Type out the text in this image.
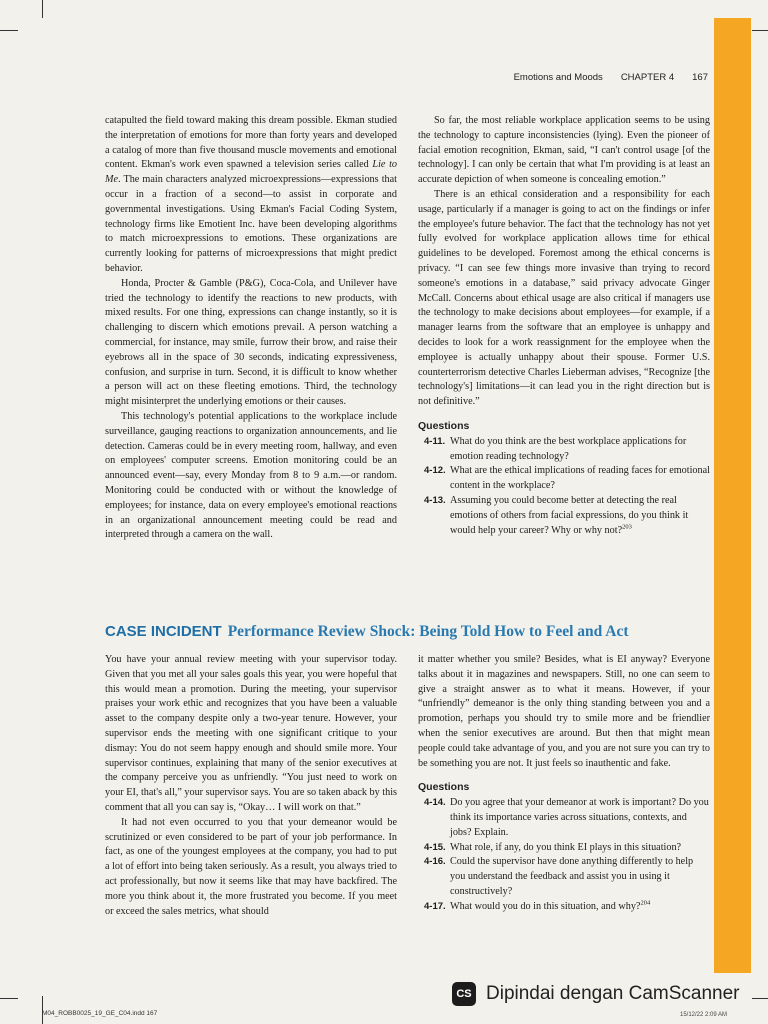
Emotions and Moods CHAPTER 4 167

catapulted the field toward making this dream possible. Ekman studied the interpretation of emotions for more than forty years and developed a catalog of more than five thousand muscle movements and emotional content. Ekman's work even spawned a television series called Lie to Me. The main characters analyzed microexpressions—expressions that occur in a fraction of a second—to assist in corporate and governmental investigations. Using Ekman's Facial Coding System, technology firms like Emotient Inc. have been developing algorithms to match microexpressions to emotions. These organizations are currently looking for patterns of microexpressions that might predict behavior.

Honda, Procter & Gamble (P&G), Coca-Cola, and Unilever have tried the technology to identify the reactions to new products, with mixed results. For one thing, expressions can change instantly, so it is challenging to discern which emotions prevail. A person watching a commercial, for instance, may smile, furrow their brow, and raise their eyebrows all in the space of 30 seconds, indicating expressiveness, confusion, and surprise in turn. Second, it is difficult to know whether a person will act on these fleeting emotions. Third, the technology might misinterpret the underlying emotions or their causes.

This technology's potential applications to the workplace include surveillance, gauging reactions to organization announcements, and lie detection. Cameras could be in every meeting room, hallway, and even on employees' computer screens. Emotion monitoring could be an announced event—say, every Monday from 8 to 9 a.m.—or random. Monitoring could be conducted with or without the knowledge of employees; for instance, data on every employee's emotional reactions in an organizational announcement meeting could be read and interpreted through a camera on the wall.

So far, the most reliable workplace application seems to be using the technology to capture inconsistencies (lying). Even the pioneer of facial emotion recognition, Ekman, said, “I can't control usage [of the technology]. I can only be certain that what I'm providing is at least an accurate depiction of when someone is concealing emotion.”

There is an ethical consideration and a responsibility for each usage, particularly if a manager is going to act on the findings or infer the employee's future behavior. The fact that the technology has not yet fully evolved for workplace application allows time for ethical guidelines to be developed. Foremost among the ethical concerns is privacy. “I can see few things more invasive than trying to record someone's emotions in a database,” said privacy advocate Ginger McCall. Concerns about ethical usage are also critical if managers use the technology to make decisions about employees—for example, if a manager learns from the software that an employee is unhappy and decides to look for a work reassignment for the employee when the employee is actually unhappy about their spouse. Former U.S. counterterrorism detective Charles Lieberman advises, “Recognize [the technology's] limitations—it can lead you in the right direction but is not definitive.”

Questions
4-11. What do you think are the best workplace applications for emotion reading technology?
4-12. What are the ethical implications of reading faces for emotional content in the workplace?
4-13. Assuming you could become better at detecting the real emotions of others from facial expressions, do you think it would help your career? Why or why not?$^{203}$
CASE INCIDENT Performance Review Shock: Being Told How to Feel and Act

You have your annual review meeting with your supervisor today. Given that you met all your sales goals this year, you were hopeful that this would mean a promotion. During the meeting, your supervisor praises your work ethic and recognizes that you have been a valuable asset to the company despite only a two-year tenure. However, your supervisor ends the meeting with one significant critique to your dismay: You do not seem happy enough and should smile more. Your supervisor continues, explaining that many of the senior executives at the company perceive you as unfriendly. “You just need to work on your EI, that's all,” your supervisor says. You are so taken aback by this comment that all you can say is, “Okay… I will work on that.”

It had not even occurred to you that your demeanor would be scrutinized or even considered to be part of your job performance. In fact, as one of the youngest employees at the company, you had to put a lot of effort into being taken seriously. As a result, you always tried to act professionally, but now it seems like that may have backfired. The more you think about it, the more frustrated you become. If you meet or exceed the sales metrics, what should

it matter whether you smile? Besides, what is EI anyway? Everyone talks about it in magazines and newspapers. Still, no one can seem to give a straight answer as to what it means. However, if your “unfriendly” demeanor is the only thing standing between you and a promotion, perhaps you should try to smile more and be friendlier when the senior executives are around. But then that might mean people could take advantage of you, and you are not sure you can try to be something you are not. It just feels so inauthentic and fake.

Questions
4-14. Do you agree that your demeanor at work is important? Do you think its importance varies across situations, contexts, and jobs? Explain.
4-15. What role, if any, do you think EI plays in this situation?
4-16. Could the supervisor have done anything differently to help you understand the feedback and assist you in using it constructively?
4-17. What would you do in this situation, and why?$^{204}$
CS Dipindai dengan CamScanner
M04_ROBB0025_19_GE_C04.indd 167	15/12/22 2:09 AM
